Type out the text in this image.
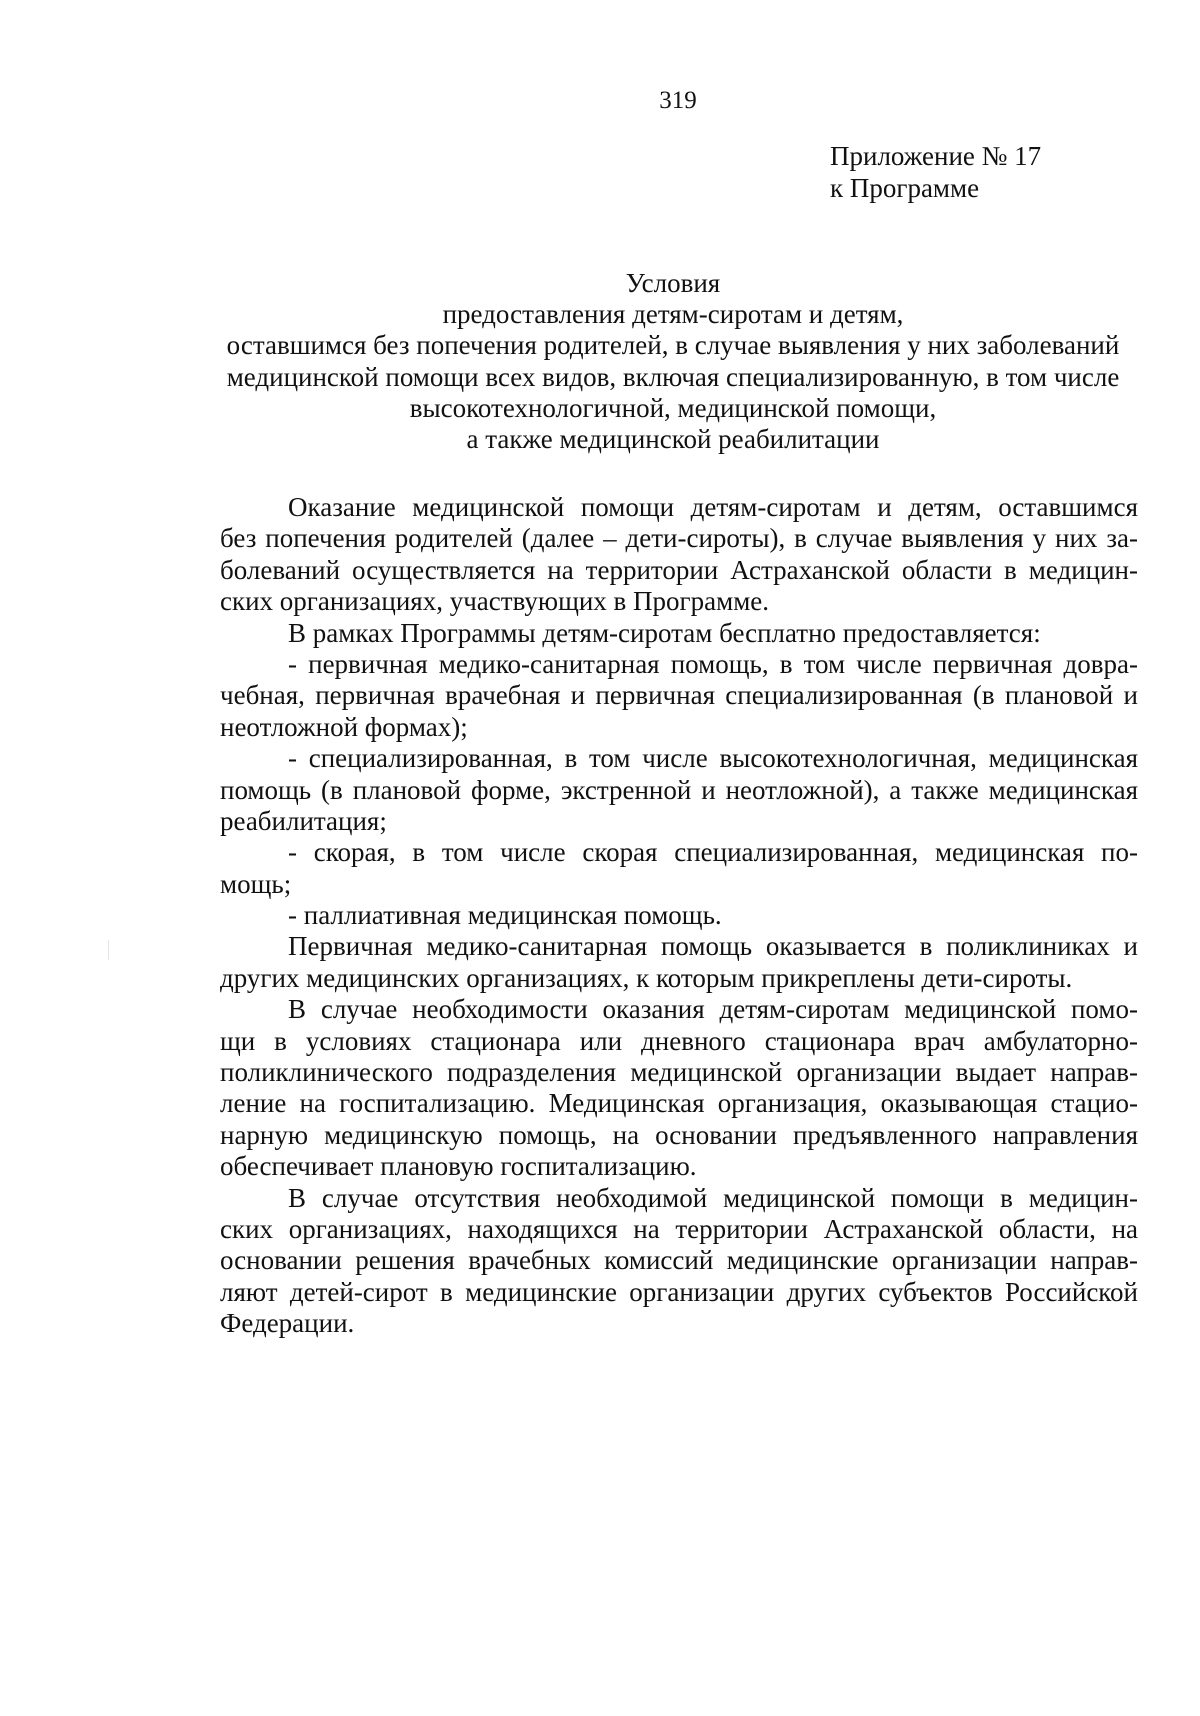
319
Приложение № 17
к Программе
Условия
предоставления детям-сиротам и детям,
оставшимся без попечения родителей, в случае выявления у них заболеваний
медицинской помощи всех видов, включая специализированную, в том числе
высокотехнологичной, медицинской помощи,
а также медицинской реабилитации
Оказание медицинской помощи детям-сиротам и детям, оставшимся
без попечения родителей (далее – дети-сироты), в случае выявления у них за-
болеваний осуществляется на территории Астраханской области в медицин-
ских организациях, участвующих в Программе.
В рамках Программы детям-сиротам бесплатно предоставляется:
- первичная медико-санитарная помощь, в том числе первичная довра-
чебная, первичная врачебная и первичная специализированная (в плановой и
неотложной формах);
- специализированная, в том числе высокотехнологичная, медицинская
помощь (в плановой форме, экстренной и неотложной), а также медицинская
реабилитация;
- скорая, в том числе скорая специализированная, медицинская по-
мощь;
- паллиативная медицинская помощь.
Первичная медико-санитарная помощь оказывается в поликлиниках и
других медицинских организациях, к которым прикреплены дети-сироты.
В случае необходимости оказания детям-сиротам медицинской помо-
щи в условиях стационара или дневного стационара врач амбулаторно-
поликлинического подразделения медицинской организации выдает направ-
ление на госпитализацию. Медицинская организация, оказывающая стацио-
нарную медицинскую помощь, на основании предъявленного направления
обеспечивает плановую госпитализацию.
В случае отсутствия необходимой медицинской помощи в медицин-
ских организациях, находящихся на территории Астраханской области, на
основании решения врачебных комиссий медицинские организации направ-
ляют детей-сирот в медицинские организации других субъектов Российской
Федерации.
